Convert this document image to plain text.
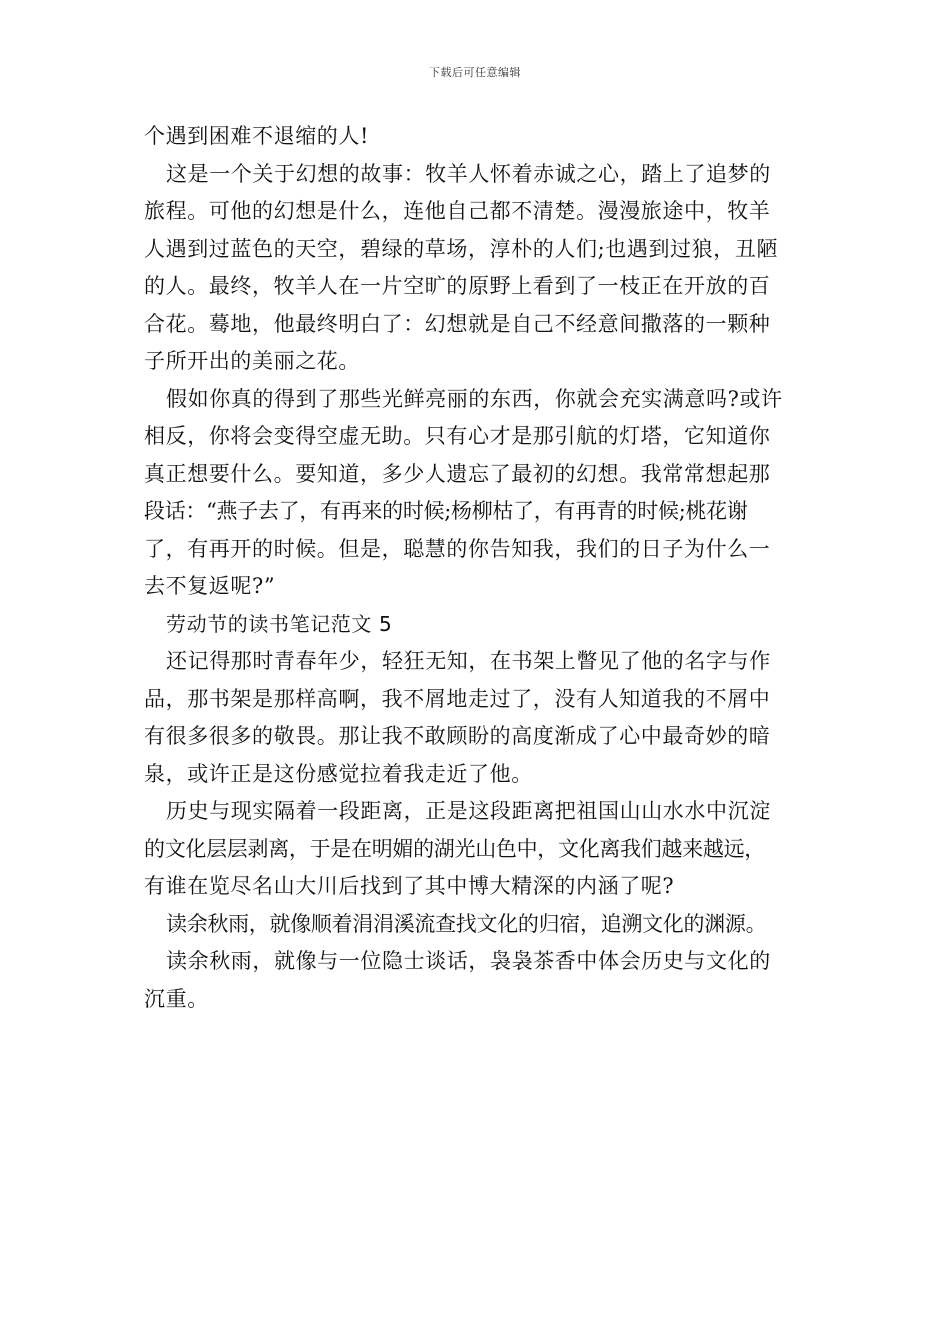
下载后可任意编辑
个遇到困难不退缩的人!
这是一个关于幻想的故事：牧羊人怀着赤诚之心，踏上了追梦的
旅程。可他的幻想是什么，连他自己都不清楚。漫漫旅途中，牧羊
人遇到过蓝色的天空，碧绿的草场，淳朴的人们;也遇到过狼，丑陋
的人。最终，牧羊人在一片空旷的原野上看到了一枝正在开放的百
合花。蓦地，他最终明白了：幻想就是自己不经意间撒落的一颗种
子所开出的美丽之花。
假如你真的得到了那些光鲜亮丽的东西，你就会充实满意吗?或许
相反，你将会变得空虚无助。只有心才是那引航的灯塔，它知道你
真正想要什么。要知道，多少人遗忘了最初的幻想。我常常想起那
段话：“燕子去了，有再来的时候;杨柳枯了，有再青的时候;桃花谢
了，有再开的时候。但是，聪慧的你告知我，我们的日子为什么一
去不复返呢?”
劳动节的读书笔记范文 5
还记得那时青春年少，轻狂无知，在书架上瞥见了他的名字与作
品，那书架是那样高啊，我不屑地走过了，没有人知道我的不屑中
有很多很多的敬畏。那让我不敢顾盼的高度渐成了心中最奇妙的暗
泉，或许正是这份感觉拉着我走近了他。
历史与现实隔着一段距离，正是这段距离把祖国山山水水中沉淀
的文化层层剥离，于是在明媚的湖光山色中，文化离我们越来越远，
有谁在览尽名山大川后找到了其中博大精深的内涵了呢?
读余秋雨，就像顺着涓涓溪流查找文化的归宿，追溯文化的渊源。
读余秋雨，就像与一位隐士谈话，袅袅茶香中体会历史与文化的
沉重。
